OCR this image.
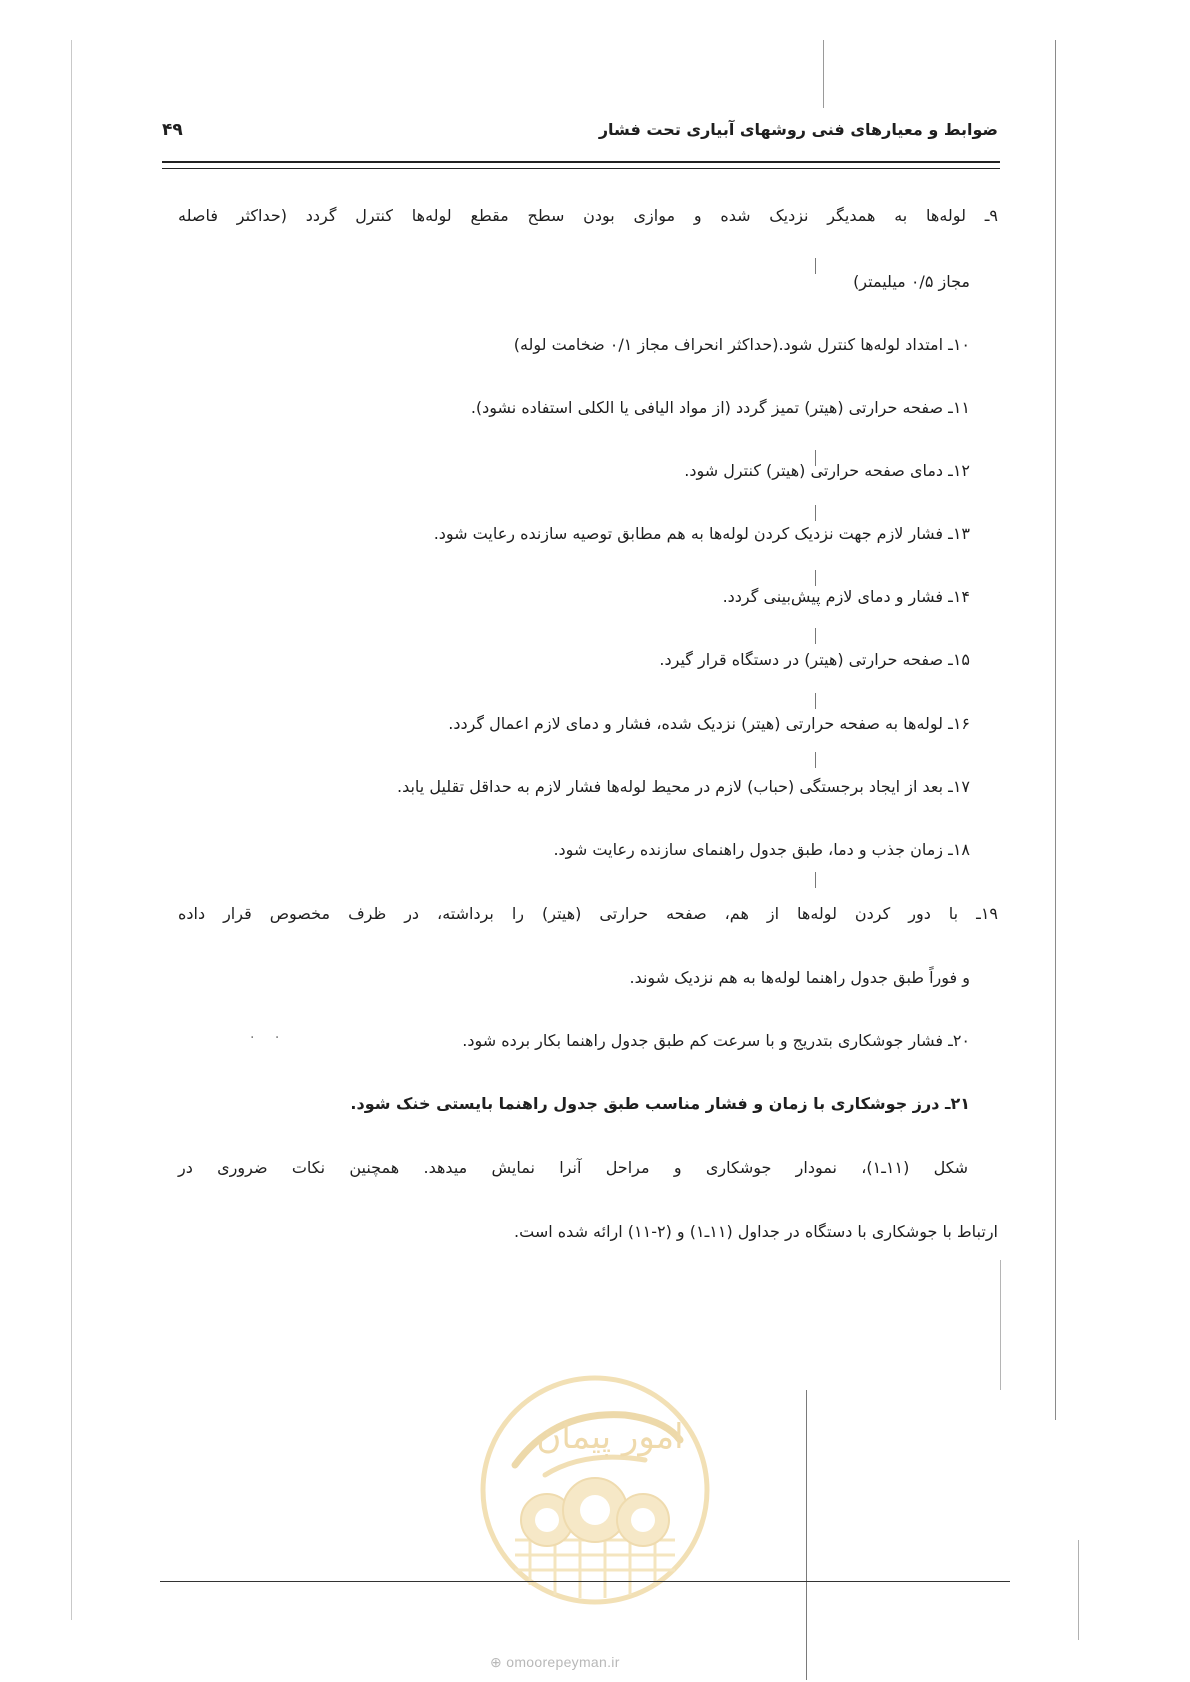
۴۹	ضوابط و معیارهای فنی روشهای آبیاری تحت فشار
۹ـ لوله‌ها به همدیگر نزدیک شده و موازی بودن سطح مقطع لوله‌ها کنترل گردد (حداکثر فاصله
مجاز ۰/۵ میلیمتر)
۱۰ـ امتداد لوله‌ها کنترل شود.(حداکثر انحراف مجاز ۰/۱ ضخامت لوله)
۱۱ـ صفحه حرارتی (هیتر) تمیز گردد (از مواد الیافی یا الکلی استفاده نشود).
۱۲ـ دمای صفحه حرارتی (هیتر) کنترل شود.
۱۳ـ فشار لازم جهت نزدیک کردن لوله‌ها به هم مطابق توصیه سازنده رعایت شود.
۱۴ـ فشار و دمای لازم پیش‌بینی گردد.
۱۵ـ صفحه حرارتی (هیتر) در دستگاه قرار گیرد.
۱۶ـ لوله‌ها به صفحه حرارتی (هیتر) نزدیک شده، فشار و دمای لازم اعمال گردد.
۱۷ـ بعد از ایجاد برجستگی (حباب) لازم در محیط لوله‌ها فشار لازم به حداقل تقلیل یابد.
۱۸ـ زمان جذب و دما، طبق جدول راهنمای سازنده رعایت شود.
۱۹ـ با دور کردن لوله‌ها از هم، صفحه حرارتی (هیتر) را برداشته، در ظرف مخصوص قرار داده
و فوراً طبق جدول راهنما لوله‌ها به هم نزدیک شوند.
۲۰ـ فشار جوشکاری بتدریج و با سرعت کم طبق جدول راهنما بکار برده شود.
۲۱ـ درز جوشکاری با زمان و فشار مناسب طبق جدول راهنما بایستی خنک شود.
· ·
شکل (۱۱ـ۱)، نمودار جوشکاری و مراحل آنرا نمایش میدهد. همچنین نکات ضروری در
ارتباط با جوشکاری با دستگاه در جداول (۱۱ـ۱) و (۲-۱۱) ارائه شده است.
امور پیمان
⊕ omoorepeyman.ir
